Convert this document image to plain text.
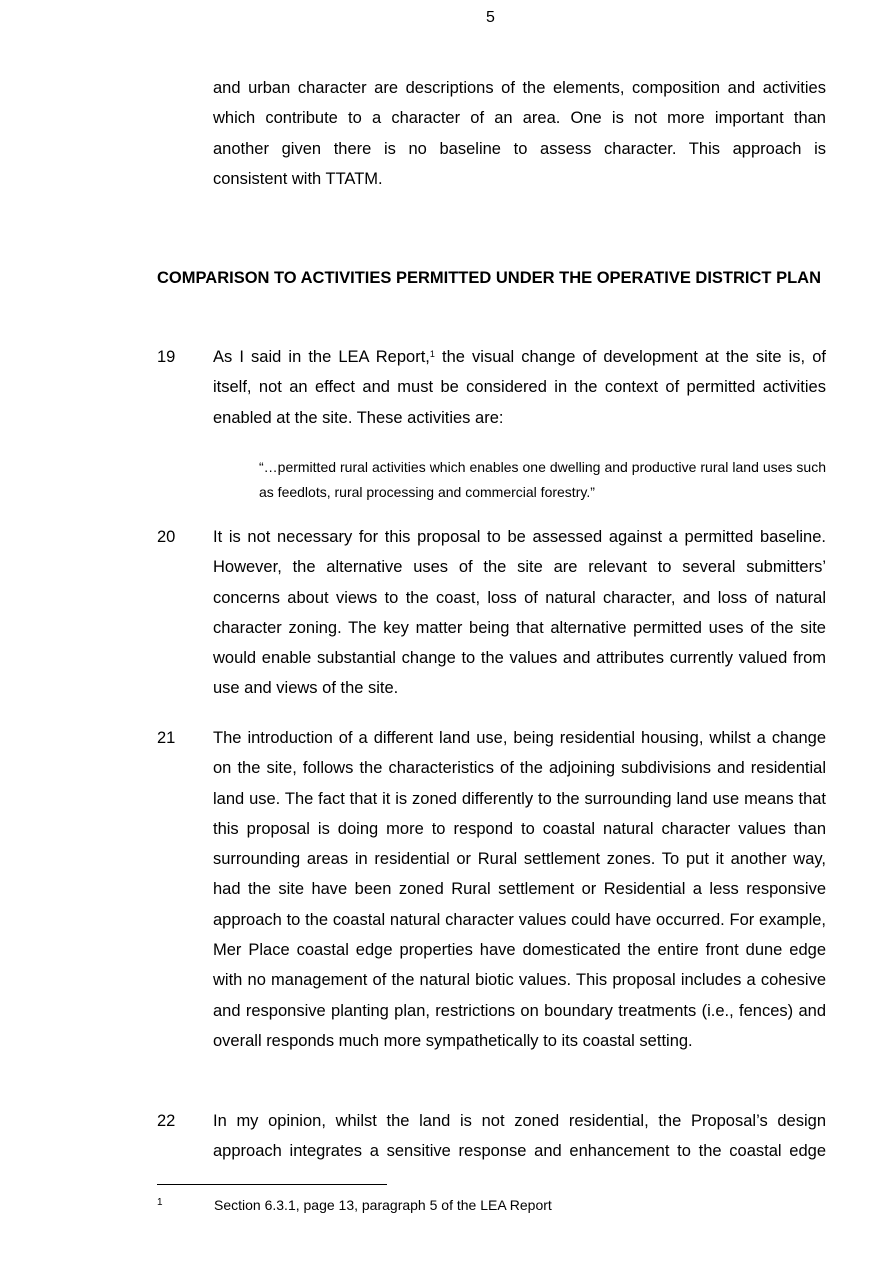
5

and urban character are descriptions of the elements, composition and activities
which contribute to a character of an area. One is not more important than
another given there is no baseline to assess character. This approach is
consistent with TTATM.

COMPARISON TO ACTIVITIES PERMITTED UNDER THE OPERATIVE DISTRICT PLAN

19 As I said in the LEA Report,$^1$ the visual change of development at the site is, of itself, not an effect and must be considered in the context of permitted activities enabled at the site. These activities are:

“…permitted rural activities which enables one dwelling and productive rural land uses such as feedlots, rural processing and commercial forestry.”

20 It is not necessary for this proposal to be assessed against a permitted baseline. However, the alternative uses of the site are relevant to several submitters’ concerns about views to the coast, loss of natural character, and loss of natural character zoning. The key matter being that alternative permitted uses of the site would enable substantial change to the values and attributes currently valued from use and views of the site.

21 The introduction of a different land use, being residential housing, whilst a change on the site, follows the characteristics of the adjoining subdivisions and residential land use. The fact that it is zoned differently to the surrounding land use means that this proposal is doing more to respond to coastal natural character values than surrounding areas in residential or Rural settlement zones. To put it another way, had the site have been zoned Rural settlement or Residential a less responsive approach to the coastal natural character values could have occurred. For example, Mer Place coastal edge properties have domesticated the entire front dune edge with no management of the natural biotic values. This proposal includes a cohesive and responsive planting plan, restrictions on boundary treatments (i.e., fences) and overall responds much more sympathetically to its coastal setting.

22 In my opinion, whilst the land is not zoned residential, the Proposal’s design approach integrates a sensitive response and enhancement to the coastal edge

1	Section 6.3.1, page 13, paragraph 5 of the LEA Report
